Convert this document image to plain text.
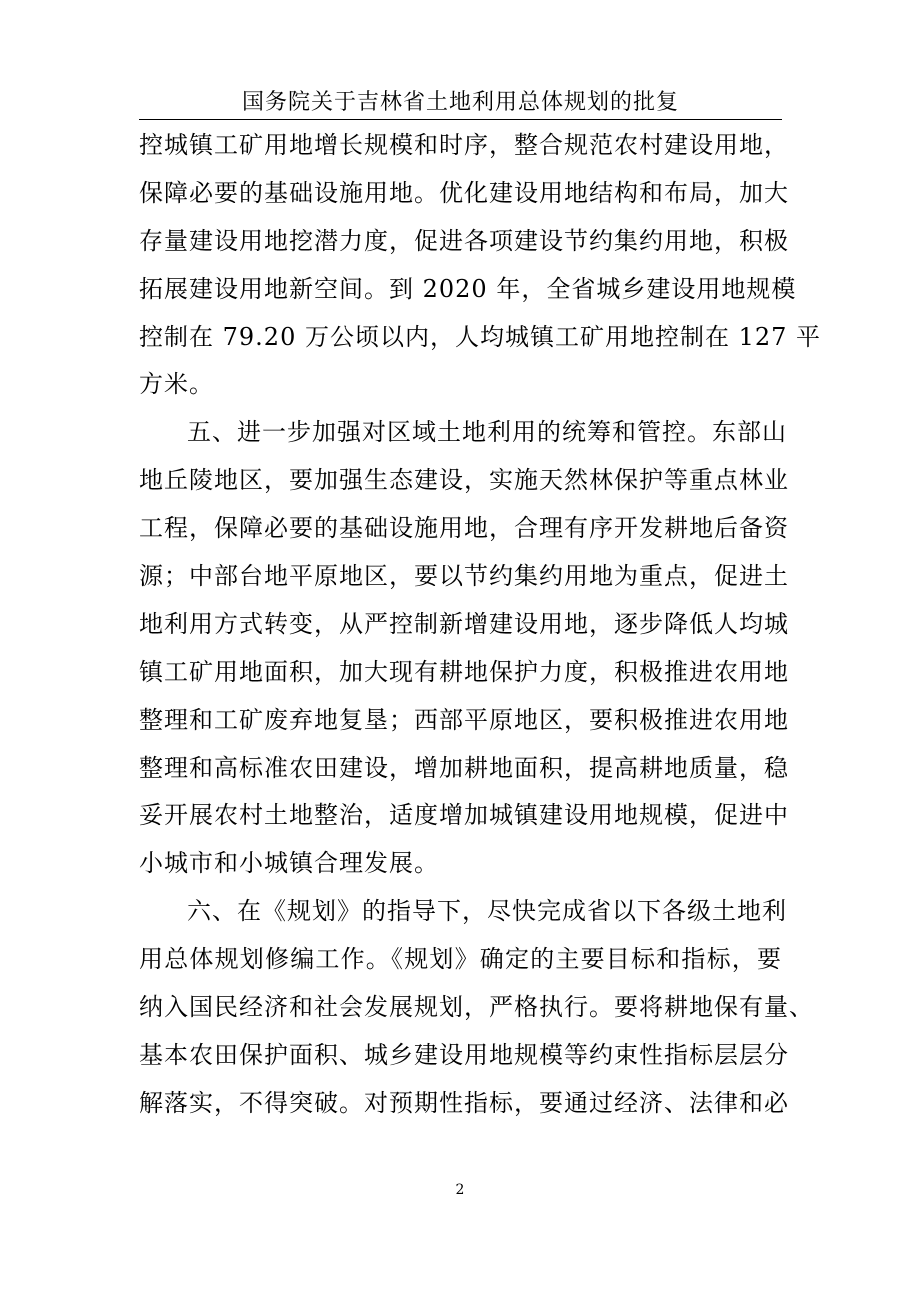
国务院关于吉林省土地利用总体规划的批复
控城镇工矿用地增长规模和时序，整合规范农村建设用地，
保障必要的基础设施用地。优化建设用地结构和布局，加大
存量建设用地挖潜力度，促进各项建设节约集约用地，积极
拓展建设用地新空间。到 2020 年，全省城乡建设用地规模
控制在 79.20 万公顷以内，人均城镇工矿用地控制在 127 平
方米。
五、进一步加强对区域土地利用的统筹和管控。东部山
地丘陵地区，要加强生态建设，实施天然林保护等重点林业
工程，保障必要的基础设施用地，合理有序开发耕地后备资
源；中部台地平原地区，要以节约集约用地为重点，促进土
地利用方式转变，从严控制新增建设用地，逐步降低人均城
镇工矿用地面积，加大现有耕地保护力度，积极推进农用地
整理和工矿废弃地复垦；西部平原地区，要积极推进农用地
整理和高标准农田建设，增加耕地面积，提高耕地质量，稳
妥开展农村土地整治，适度增加城镇建设用地规模，促进中
小城市和小城镇合理发展。
六、在《规划》的指导下，尽快完成省以下各级土地利
用总体规划修编工作。《规划》确定的主要目标和指标，要
纳入国民经济和社会发展规划，严格执行。要将耕地保有量、
基本农田保护面积、城乡建设用地规模等约束性指标层层分
解落实，不得突破。对预期性指标，要通过经济、法律和必
2
